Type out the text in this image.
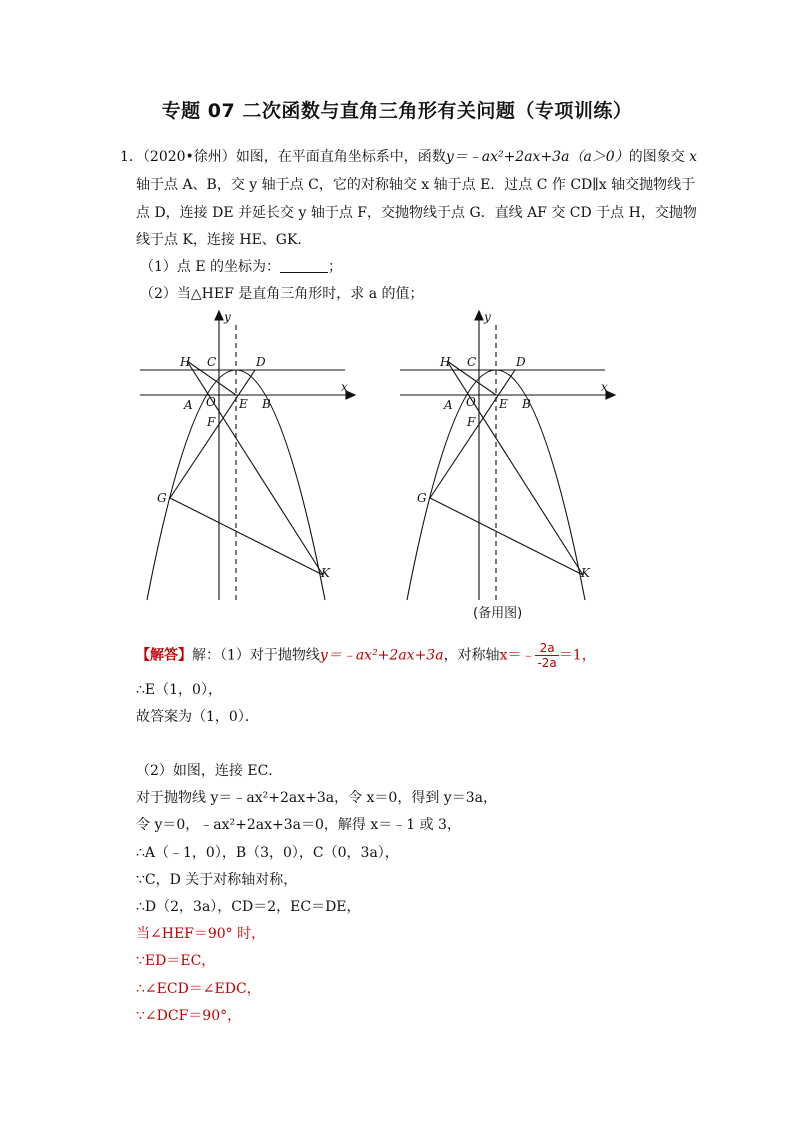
专题 07 二次函数与直角三角形有关问题（专项训练）
1．（2020•徐州）如图，在平面直角坐标系中，函数y＝﹣ax²+2ax+3a（a＞0）的图象交 x
轴于点 A、B，交 y 轴于点 C，它的对称轴交 x 轴于点 E．过点 C 作 CD∥x 轴交抛物线于
点 D，连接 DE 并延长交 y 轴于点 F，交抛物线于点 G．直线 AF 交 CD 于点 H，交抛物
线于点 K，连接 HE、GK．
（1）点 E 的坐标为：	；
（2）当△HEF 是直角三角形时，求 a 的值；
y
x
H C	D
A O E B
F
G
K
y
x
H C	D
A O E B
F
G
K
(备用图)
【解答】解：（1）对于抛物线y＝﹣ax²+2ax+3a，对称轴x＝﹣ $\frac{2a}{-2a} =1$，
∴E（1，0），
故答案为（1，0）．
（2）如图，连接 EC．
对于抛物线 y＝﹣ax²+2ax+3a，令 x＝0，得到 y＝3a，
令 y＝0，﹣ax²+2ax+3a＝0，解得 x＝﹣1 或 3，
∴A（﹣1，0），B（3，0），C（0，3a），
∵C，D 关于对称轴对称，
∴D（2，3a），CD＝2，EC＝DE，
当∠HEF＝90° 时，
∵ED＝EC，
∴∠ECD＝∠EDC，
∵∠DCF＝90°，
